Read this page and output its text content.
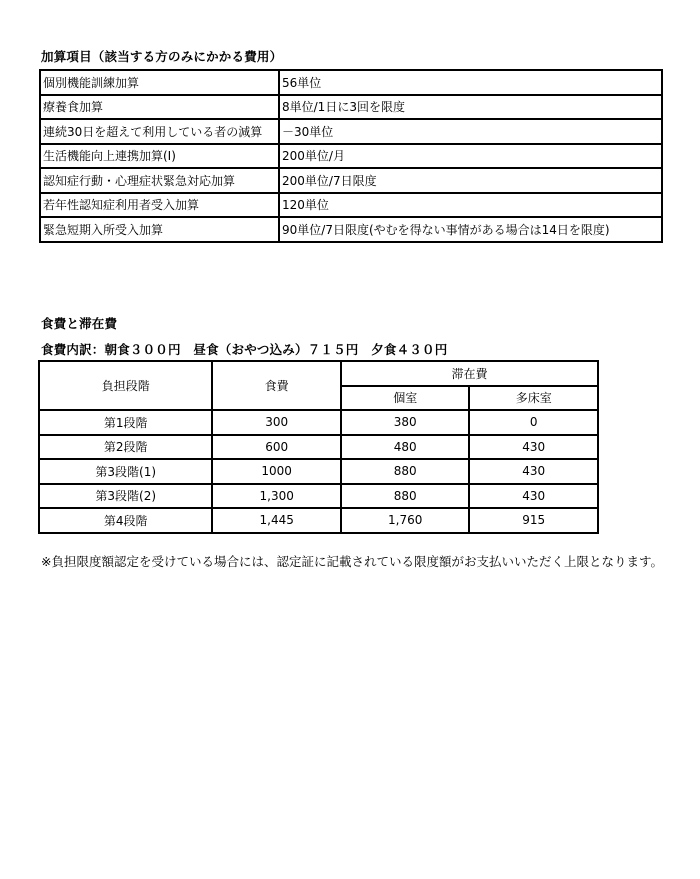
加算項目（該当する方のみにかかる費用）
個別機能訓練加算	56単位
療養食加算	8単位/1日に3回を限度
連続30日を超えて利用している者の減算	－30単位
生活機能向上連携加算(Ⅰ)	200単位/月
認知症行動・心理症状緊急対応加算	200単位/7日限度
若年性認知症利用者受入加算	120単位
緊急短期入所受入加算	90単位/7日限度(やむを得ない事情がある場合は14日を限度)
食費と滞在費
食費内訳：朝食３００円　昼食（おやつ込み）７１５円　夕食４３０円
負担段階	食費	滞在費	
		個室	多床室
第1段階	300	380	0
第2段階	600	480	430
第3段階(1)	1000	880	430
第3段階(2)	1,300	880	430
第4段階	1,445	1,760	915
※負担限度額認定を受けている場合には、認定証に記載されている限度額がお支払いいただく上限となります。
